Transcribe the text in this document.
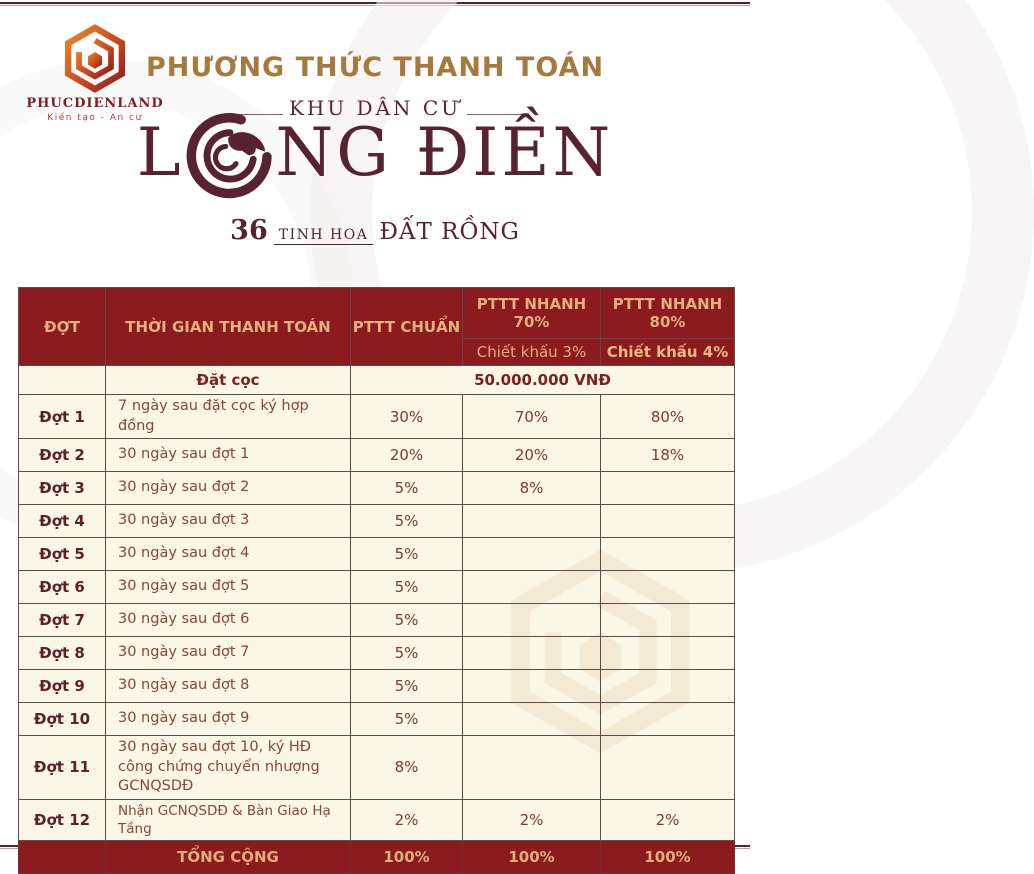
PHUCDIENLAND
Kiến tạo - An cư
PHƯƠNG THỨC THANH TOÁN
KHU DÂN CƯ
L NG ĐIỀN
36 TINH HOA ĐẤT RỒNG
ĐỢT	THỜI GIAN THANH TOÁN	PTTT CHUẨN	PTTT NHANH 70%	PTTT NHANH 80%
			Chiết khấu 3%	Chiết khấu 4%
	Đặt cọc	50.000.000 VNĐ		
Đợt 1	7 ngày sau đặt cọc ký hợp đồng	30%	70%	80%
Đợt 2	30 ngày sau đợt 1	20%	20%	18%
Đợt 3	30 ngày sau đợt 2	5%	8%	
Đợt 4	30 ngày sau đợt 3	5%		
Đợt 5	30 ngày sau đợt 4	5%		
Đợt 6	30 ngày sau đợt 5	5%		
Đợt 7	30 ngày sau đợt 6	5%		
Đợt 8	30 ngày sau đợt 7	5%		
Đợt 9	30 ngày sau đợt 8	5%		
Đợt 10	30 ngày sau đợt 9	5%		
Đợt 11	30 ngày sau đợt 10, ký HĐ công chứng chuyển nhượng GCNQSDĐ	8%		
Đợt 12	Nhận GCNQSDĐ & Bàn Giao Hạ Tầng	2%	2%	2%
	TỔNG CỘNG	100%	100%	100%
